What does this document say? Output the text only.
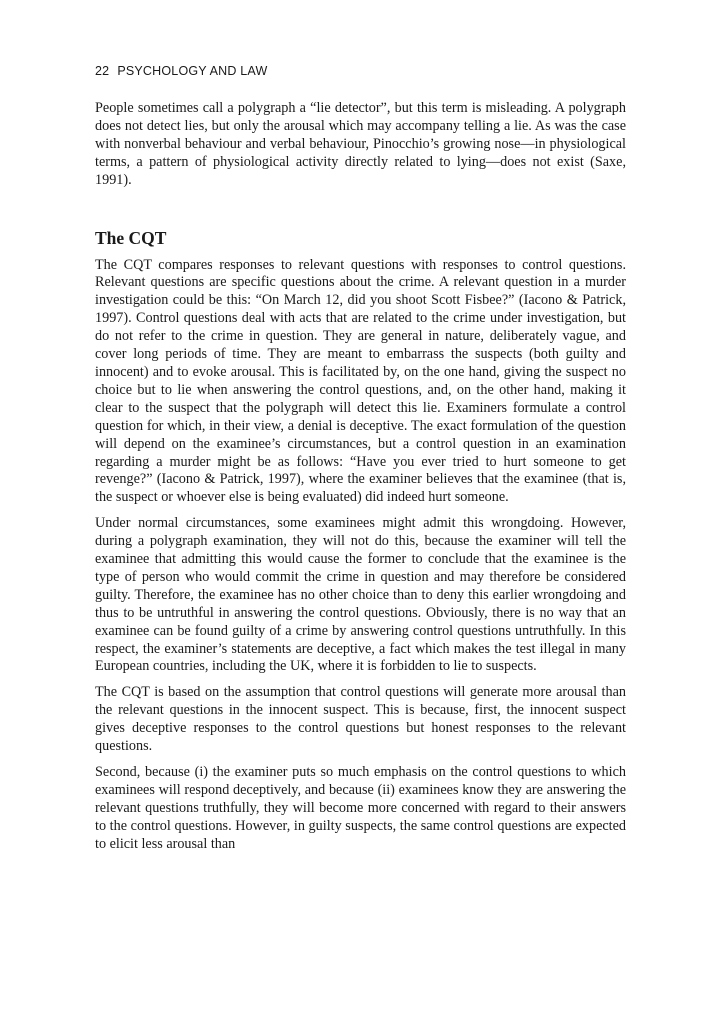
22 PSYCHOLOGY AND LAW

People sometimes call a polygraph a “lie detector”, but this term is misleading. A polygraph does not detect lies, but only the arousal which may accompany telling a lie. As was the case with nonverbal behaviour and verbal behaviour, Pinocchio’s growing nose—in physiological terms, a pattern of physiological activity directly related to lying—does not exist (Saxe, 1991).

The CQT

The CQT compares responses to relevant questions with responses to control questions. Relevant questions are specific questions about the crime. A relevant question in a murder investigation could be this: “On March 12, did you shoot Scott Fisbee?” (Iacono & Patrick, 1997). Control questions deal with acts that are related to the crime under investigation, but do not refer to the crime in question. They are general in nature, deliberately vague, and cover long periods of time. They are meant to embarrass the suspects (both guilty and innocent) and to evoke arousal. This is facilitated by, on the one hand, giving the suspect no choice but to lie when answering the control questions, and, on the other hand, making it clear to the suspect that the polygraph will detect this lie. Examiners formulate a control question for which, in their view, a denial is deceptive. The exact formulation of the question will depend on the examinee’s circumstances, but a control question in an examination regarding a murder might be as follows: “Have you ever tried to hurt someone to get revenge?” (Iacono & Patrick, 1997), where the examiner believes that the examinee (that is, the suspect or whoever else is being evaluated) did indeed hurt someone.

Under normal circumstances, some examinees might admit this wrongdoing. However, during a polygraph examination, they will not do this, because the examiner will tell the examinee that admitting this would cause the former to conclude that the examinee is the type of person who would commit the crime in question and may therefore be considered guilty. Therefore, the examinee has no other choice than to deny this earlier wrongdoing and thus to be untruthful in answering the control questions. Obviously, there is no way that an examinee can be found guilty of a crime by answering control questions untruthfully. In this respect, the examiner’s statements are deceptive, a fact which makes the test illegal in many European countries, including the UK, where it is forbidden to lie to suspects.

The CQT is based on the assumption that control questions will generate more arousal than the relevant questions in the innocent suspect. This is because, first, the innocent suspect gives deceptive responses to the control questions but honest responses to the relevant questions.

Second, because (i) the examiner puts so much emphasis on the control questions to which examinees will respond deceptively, and because (ii) examinees know they are answering the relevant questions truthfully, they will become more concerned with regard to their answers to the control questions. However, in guilty suspects, the same control questions are expected to elicit less arousal than
